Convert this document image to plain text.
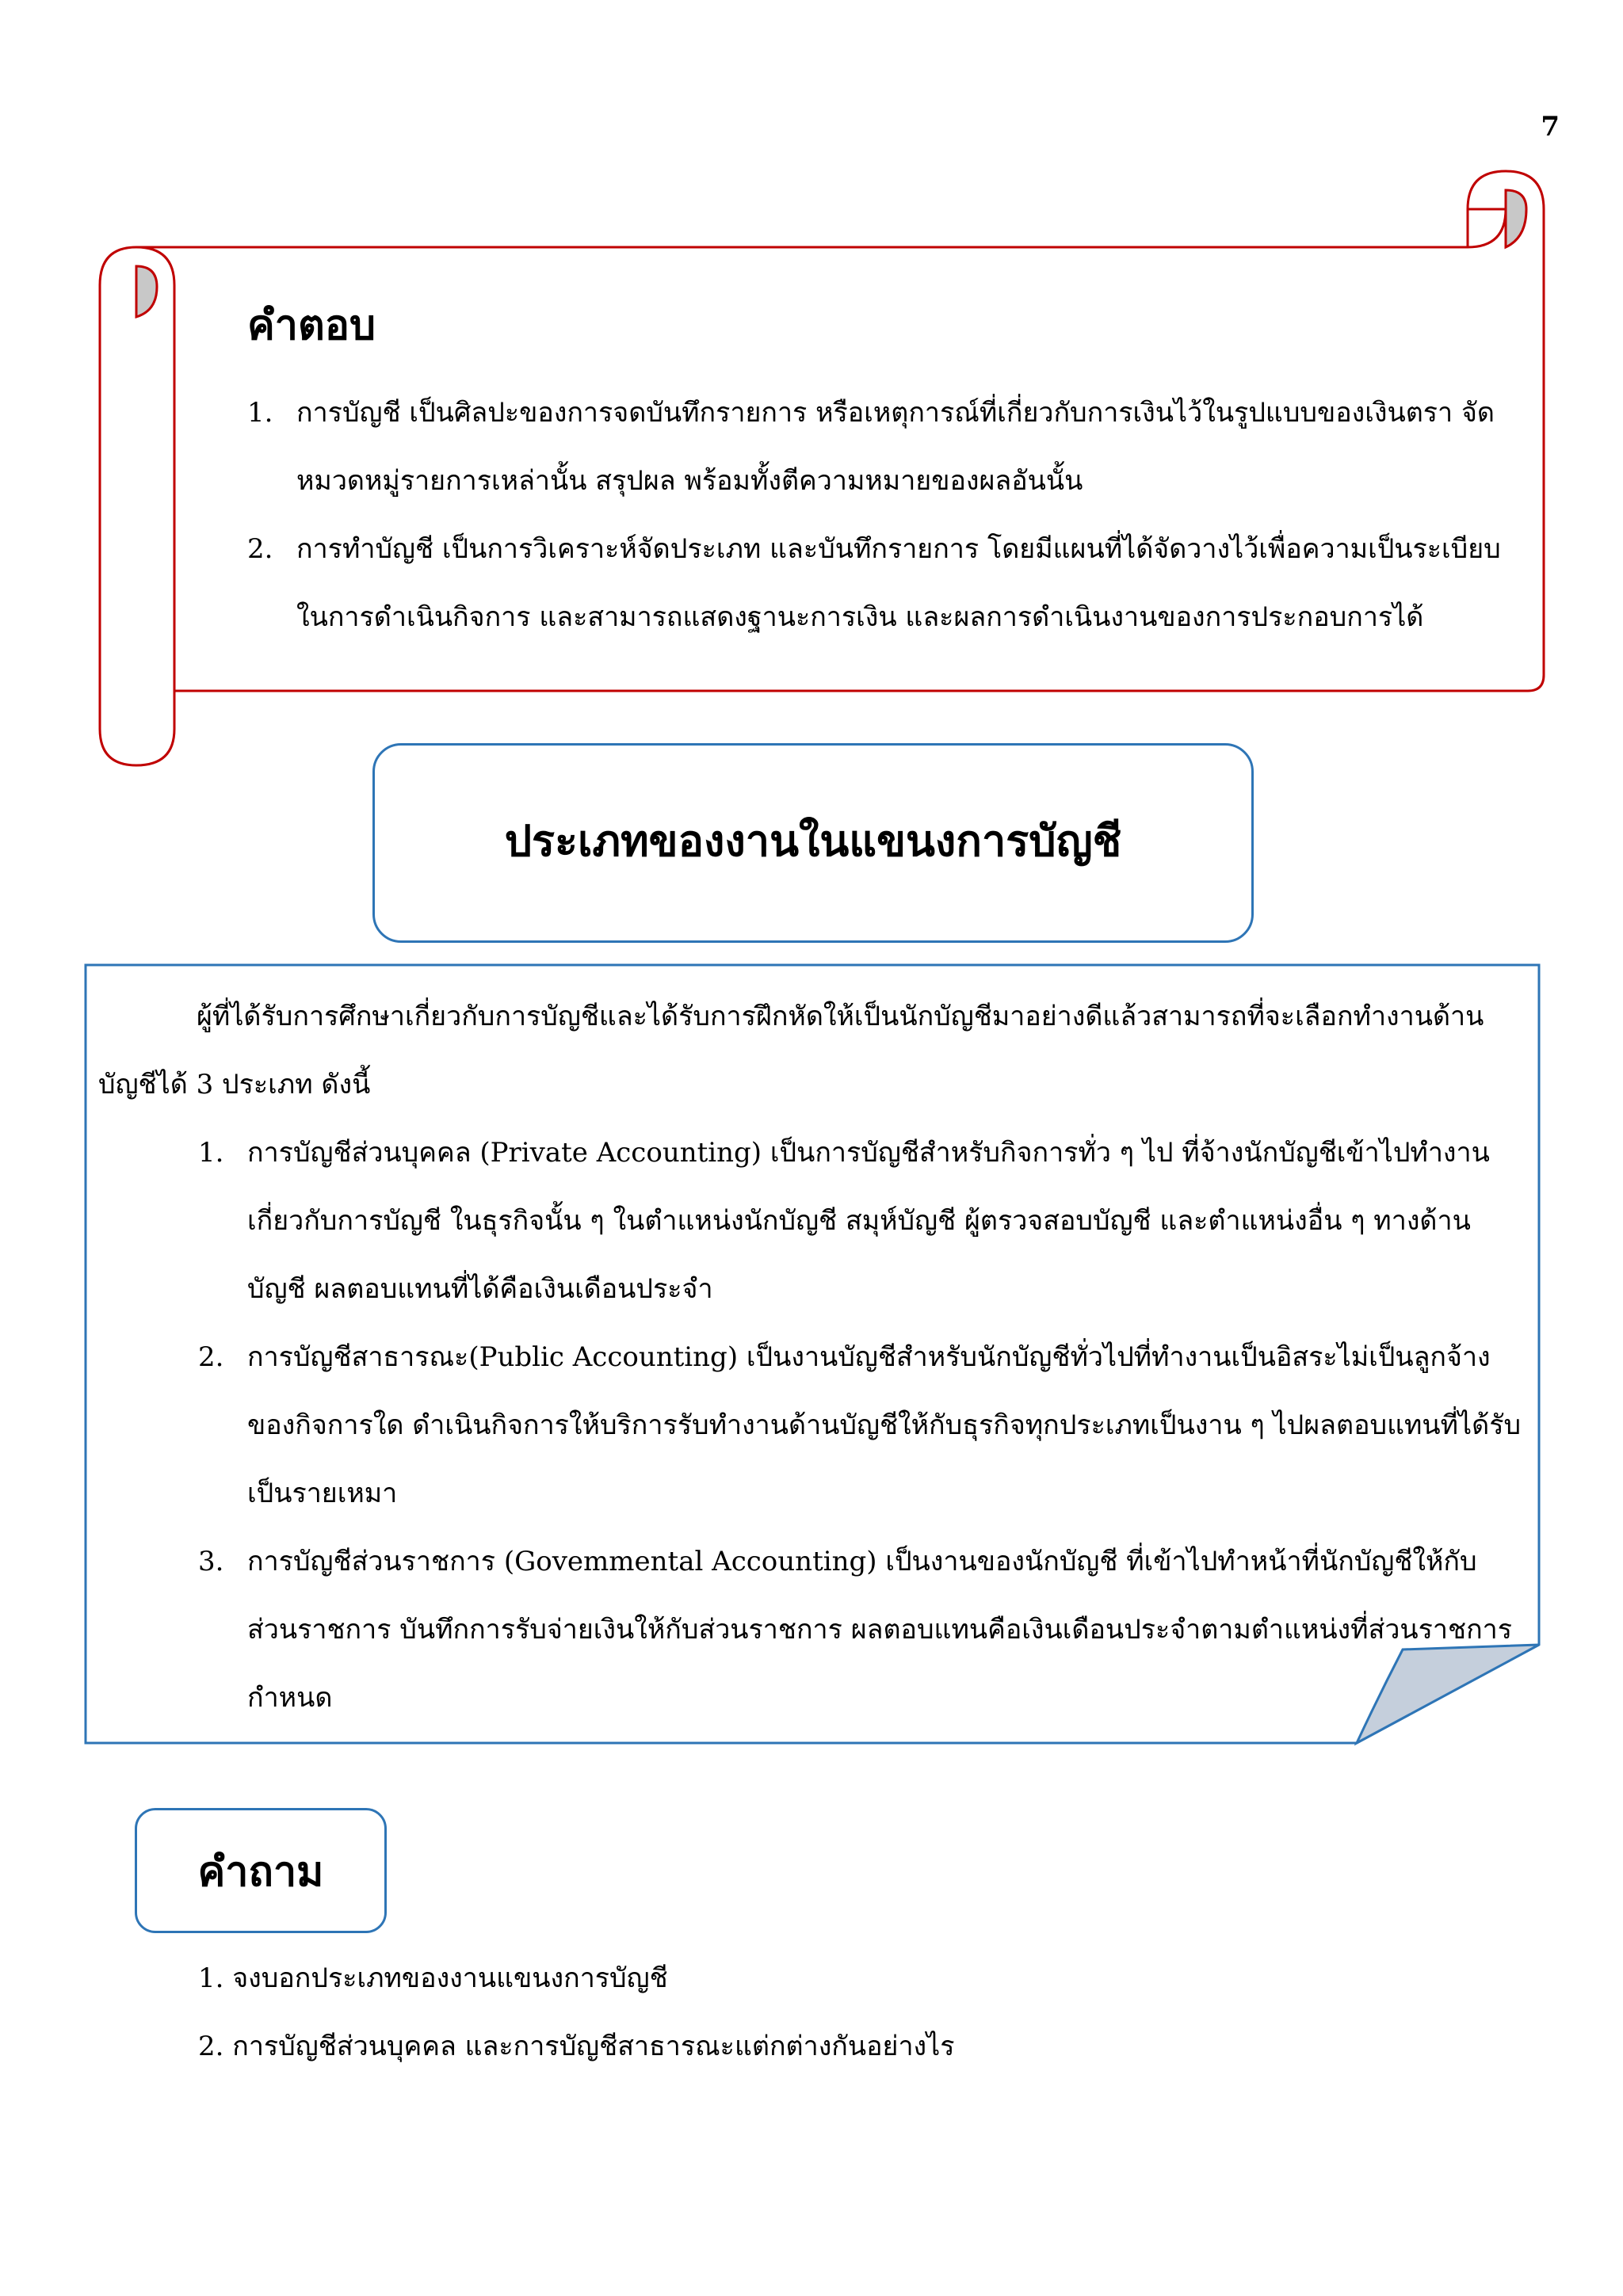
7
คำตอบ
1. การบัญชี เป็นศิลปะของการจดบันทึกรายการ หรือเหตุการณ์ที่เกี่ยวกับการเงินไว้ในรูปแบบของเงินตรา จัดหมวดหมู่รายการเหล่านั้น สรุปผล พร้อมทั้งตีความหมายของผลอันนั้น
2. การทำบัญชี เป็นการวิเคราะห์จัดประเภท และบันทึกรายการ โดยมีแผนที่ได้จัดวางไว้เพื่อความเป็นระเบียบในการดำเนินกิจการ และสามารถแสดงฐานะการเงิน และผลการดำเนินงานของการประกอบการได้
ประเภทของงานในแขนงการบัญชี
ผู้ที่ได้รับการศึกษาเกี่ยวกับการบัญชีและได้รับการฝึกหัดให้เป็นนักบัญชีมาอย่างดีแล้วสามารถที่จะเลือกทำงานด้านบัญชีได้ 3 ประเภท ดังนี้
1. การบัญชีส่วนบุคคล (Private Accounting) เป็นการบัญชีสำหรับกิจการทั่ว ๆ ไป ที่จ้างนักบัญชีเข้าไปทำงานเกี่ยวกับการบัญชี ในธุรกิจนั้น ๆ ในตำแหน่งนักบัญชี สมุห์บัญชี ผู้ตรวจสอบบัญชี และตำแหน่งอื่น ๆ ทางด้านบัญชี ผลตอบแทนที่ได้คือเงินเดือนประจำ
2. การบัญชีสาธารณะ(Public Accounting) เป็นงานบัญชีสำหรับนักบัญชีทั่วไปที่ทำงานเป็นอิสระไม่เป็นลูกจ้างของกิจการใด ดำเนินกิจการให้บริการรับทำงานด้านบัญชีให้กับธุรกิจทุกประเภทเป็นงาน ๆ ไปผลตอบแทนที่ได้รับเป็นรายเหมา
3. การบัญชีส่วนราชการ (Govemmental Accounting) เป็นงานของนักบัญชี ที่เข้าไปทำหน้าที่นักบัญชีให้กับส่วนราชการ บันทึกการรับจ่ายเงินให้กับส่วนราชการ ผลตอบแทนคือเงินเดือนประจำตามตำแหน่งที่ส่วนราชการกำหนด
คำถาม
1. จงบอกประเภทของงานแขนงการบัญชี
2. การบัญชีส่วนบุคคล และการบัญชีสาธารณะแต่กต่างกันอย่างไร
